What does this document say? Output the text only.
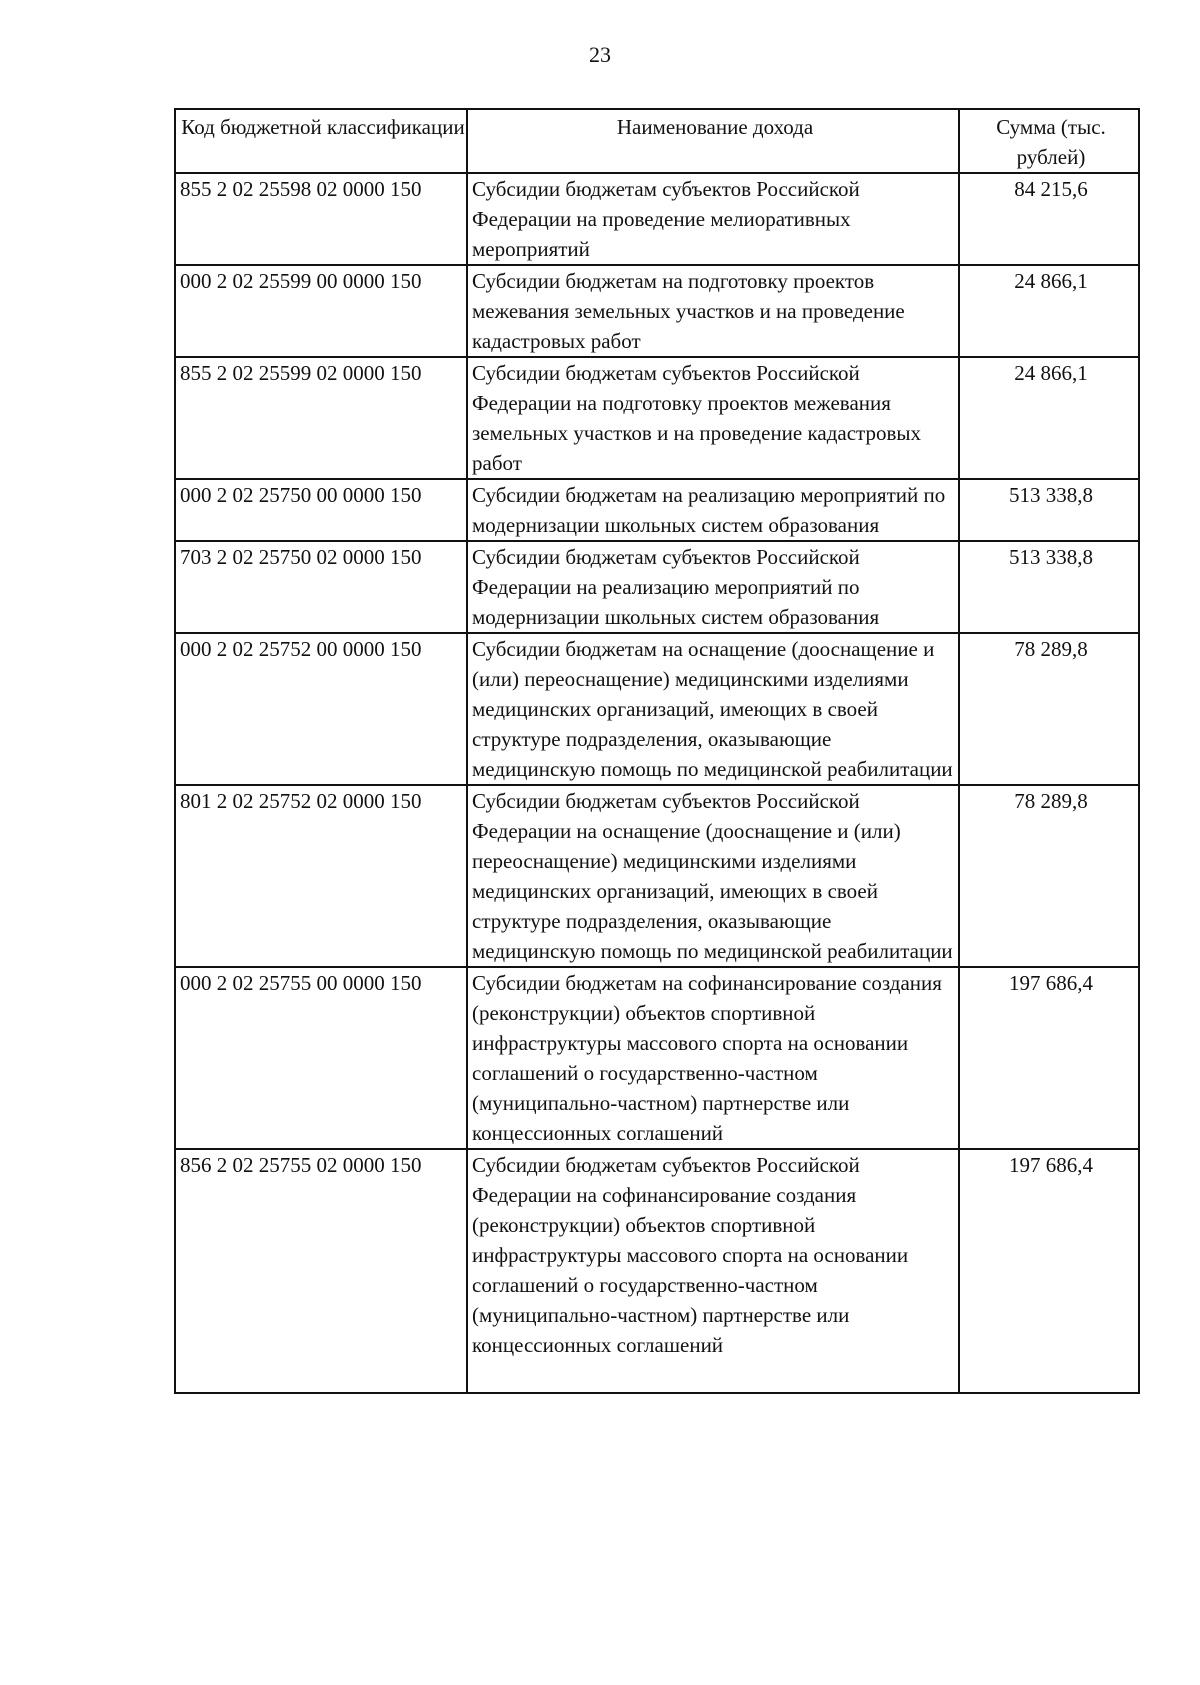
23
Код бюджетной классификации	Наименование дохода	Сумма (тыс. рублей)
855 2 02 25598 02 0000 150	Субсидии бюджетам субъектов Российской Федерации на проведение мелиоративных мероприятий	84 215,6
000 2 02 25599 00 0000 150	Субсидии бюджетам на подготовку проектов межевания земельных участков и на проведение кадастровых работ	24 866,1
855 2 02 25599 02 0000 150	Субсидии бюджетам субъектов Российской Федерации на подготовку проектов межевания земельных участков и на проведение кадастровых работ	24 866,1
000 2 02 25750 00 0000 150	Субсидии бюджетам на реализацию мероприятий по модернизации школьных систем образования	513 338,8
703 2 02 25750 02 0000 150	Субсидии бюджетам субъектов Российской Федерации на реализацию мероприятий по модернизации школьных систем образования	513 338,8
000 2 02 25752 00 0000 150	Субсидии бюджетам на оснащение (дооснащение и (или) переоснащение) медицинскими изделиями медицинских организаций, имеющих в своей структуре подразделения, оказывающие медицинскую помощь по медицинской реабилитации	78 289,8
801 2 02 25752 02 0000 150	Субсидии бюджетам субъектов Российской Федерации на оснащение (дооснащение и (или) переоснащение) медицинскими изделиями медицинских организаций, имеющих в своей структуре подразделения, оказывающие медицинскую помощь по медицинской реабилитации	78 289,8
000 2 02 25755 00 0000 150	Субсидии бюджетам на софинансирование создания (реконструкции) объектов спортивной инфраструктуры массового спорта на основании соглашений о государственно-частном (муниципально-частном) партнерстве или концессионных соглашений	197 686,4
856 2 02 25755 02 0000 150	Субсидии бюджетам субъектов Российской Федерации на софинансирование создания (реконструкции) объектов спортивной инфраструктуры массового спорта на основании соглашений о государственно-частном (муниципально-частном) партнерстве или концессионных соглашений	197 686,4
